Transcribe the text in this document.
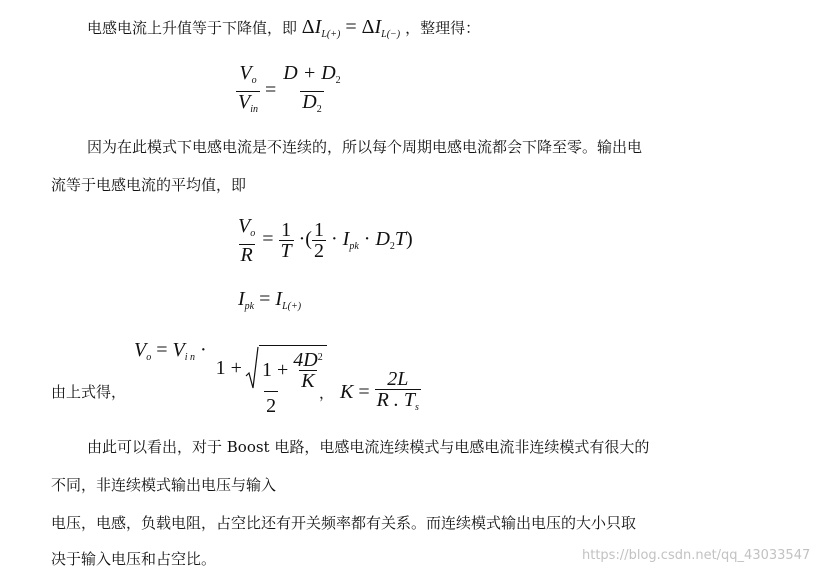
电感电流上升值等于下降值，即 $\Delta I_{L(+)} = \Delta I_{L(-)}$ ，整理得：
$\frac{V_o}{V_{in}} = \frac{D + D_2}{D_2}$
因为在此模式下电感电流是不连续的，所以每个周期电感电流都会下降至零。输出电
流等于电感电流的平均值，即
$\frac{V_o}{R} = \frac{1}{T}$ ·( $\frac{1}{2} \cdot I_{pk} \cdot D_2T$)
$I_{pk} = I_{L(+)}$
由上式得，
$V_o = V_{i n}$ ·
$1 + 1 + \frac{4D^2}{K}$
2
， $K = \frac{2L}{R . T_s}$
由此可以看出，对于 Boost 电路，电感电流连续模式与电感电流非连续模式有很大的
不同，非连续模式输出电压与输入
电压，电感，负载电阻，占空比还有开关频率都有关系。而连续模式输出电压的大小只取
决于输入电压和占空比。	https://blog.csdn.net/qq_43033547
